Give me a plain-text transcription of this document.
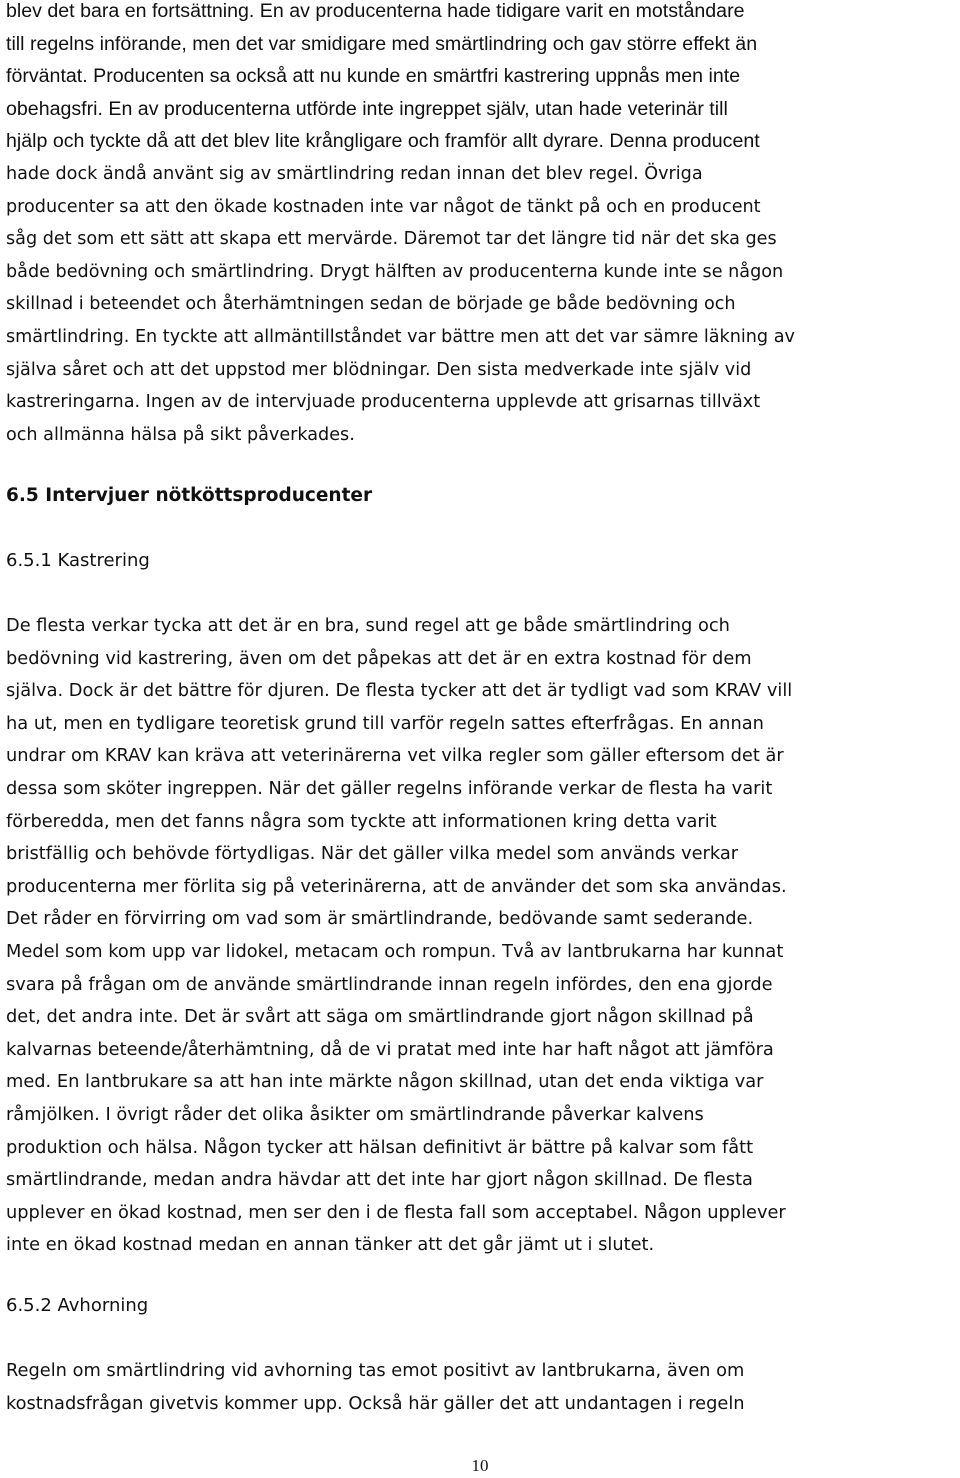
blev det bara en fortsättning. En av producenterna hade tidigare varit en motståndare
till regelns införande, men det var smidigare med smärtlindring och gav större effekt än
förväntat. Producenten sa också att nu kunde en smärtfri kastrering uppnås men inte
obehagsfri. En av producenterna utförde inte ingreppet själv, utan hade veterinär till
hjälp och tyckte då att det blev lite krångligare och framför allt dyrare. Denna producent
hade dock ändå använt sig av smärtlindring redan innan det blev regel. Övriga
producenter sa att den ökade kostnaden inte var något de tänkt på och en producent
såg det som ett sätt att skapa ett mervärde. Däremot tar det längre tid när det ska ges
både bedövning och smärtlindring. Drygt hälften av producenterna kunde inte se någon
skillnad i beteendet och återhämtningen sedan de började ge både bedövning och
smärtlindring. En tyckte att allmäntillståndet var bättre men att det var sämre läkning av
själva såret och att det uppstod mer blödningar. Den sista medverkade inte själv vid
kastreringarna. Ingen av de intervjuade producenterna upplevde att grisarnas tillväxt
och allmänna hälsa på sikt påverkades.
6.5 Intervjuer nötköttsproducenter
6.5.1 Kastrering
De flesta verkar tycka att det är en bra, sund regel att ge både smärtlindring och
bedövning vid kastrering, även om det påpekas att det är en extra kostnad för dem
själva. Dock är det bättre för djuren. De flesta tycker att det är tydligt vad som KRAV vill
ha ut, men en tydligare teoretisk grund till varför regeln sattes efterfrågas. En annan
undrar om KRAV kan kräva att veterinärerna vet vilka regler som gäller eftersom det är
dessa som sköter ingreppen. När det gäller regelns införande verkar de flesta ha varit
förberedda, men det fanns några som tyckte att informationen kring detta varit
bristfällig och behövde förtydligas. När det gäller vilka medel som används verkar
producenterna mer förlita sig på veterinärerna, att de använder det som ska användas.
Det råder en förvirring om vad som är smärtlindrande, bedövande samt sederande.
Medel som kom upp var lidokel, metacam och rompun. Två av lantbrukarna har kunnat
svara på frågan om de använde smärtlindrande innan regeln infördes, den ena gjorde
det, det andra inte. Det är svårt att säga om smärtlindrande gjort någon skillnad på
kalvarnas beteende/återhämtning, då de vi pratat med inte har haft något att jämföra
med. En lantbrukare sa att han inte märkte någon skillnad, utan det enda viktiga var
råmjölken. I övrigt råder det olika åsikter om smärtlindrande påverkar kalvens
produktion och hälsa. Någon tycker att hälsan definitivt är bättre på kalvar som fått
smärtlindrande, medan andra hävdar att det inte har gjort någon skillnad. De flesta
upplever en ökad kostnad, men ser den i de flesta fall som acceptabel. Någon upplever
inte en ökad kostnad medan en annan tänker att det går jämt ut i slutet.
6.5.2 Avhorning
Regeln om smärtlindring vid avhorning tas emot positivt av lantbrukarna, även om
kostnadsfrågan givetvis kommer upp. Också här gäller det att undantagen i regeln
10
